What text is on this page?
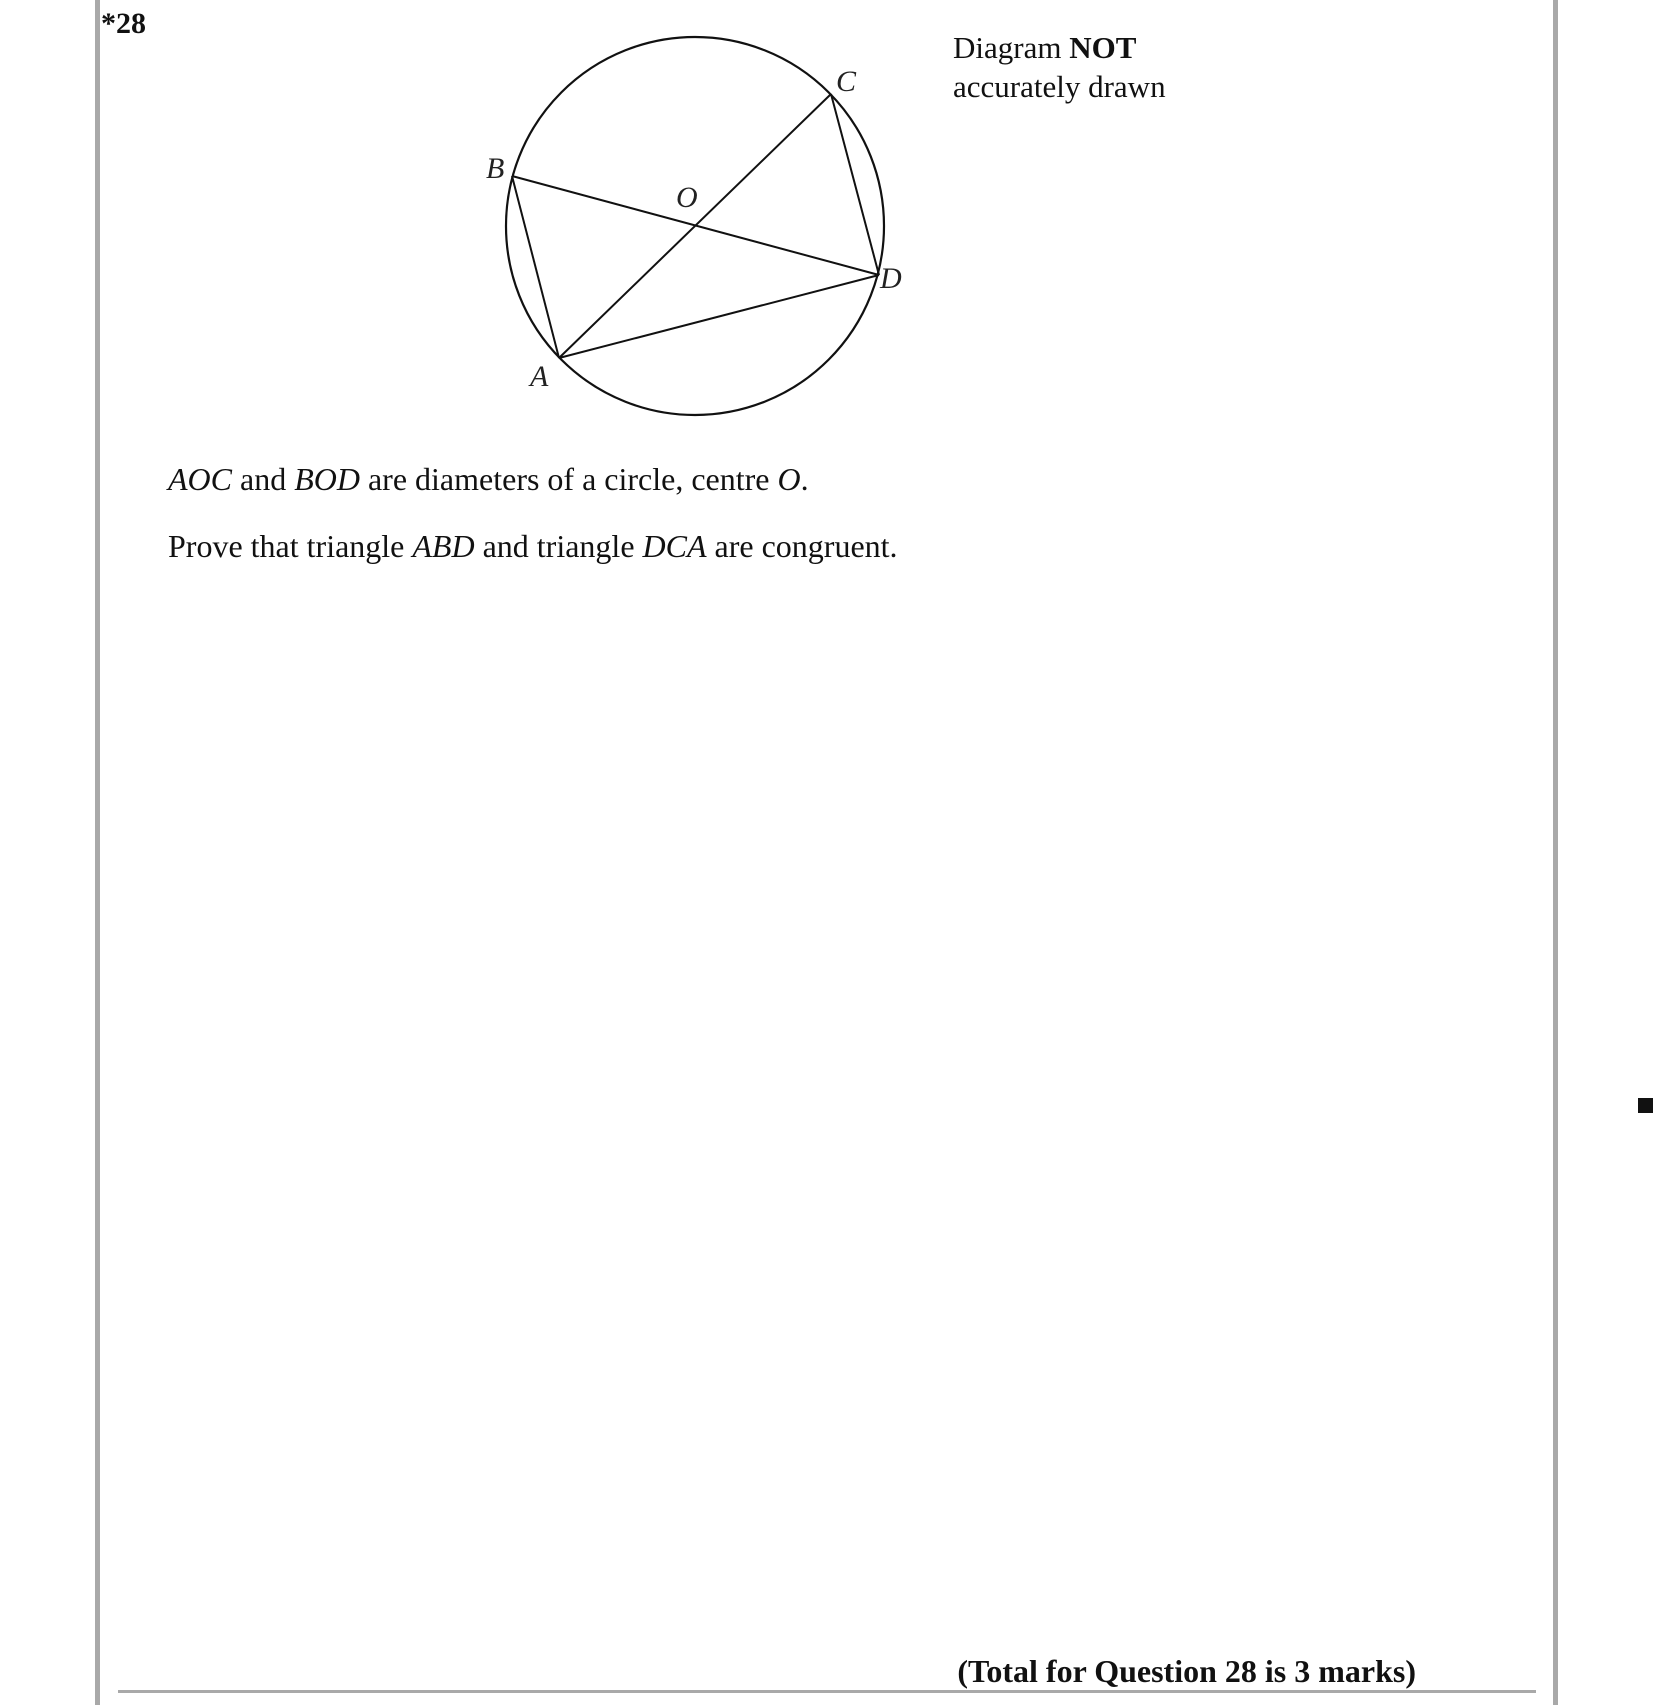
*28
Diagram NOT
accurately drawn
B
C
O
D
A
AOC and BOD are diameters of a circle, centre O.
Prove that triangle ABD and triangle DCA are congruent.
(Total for Question 28 is 3 marks)
